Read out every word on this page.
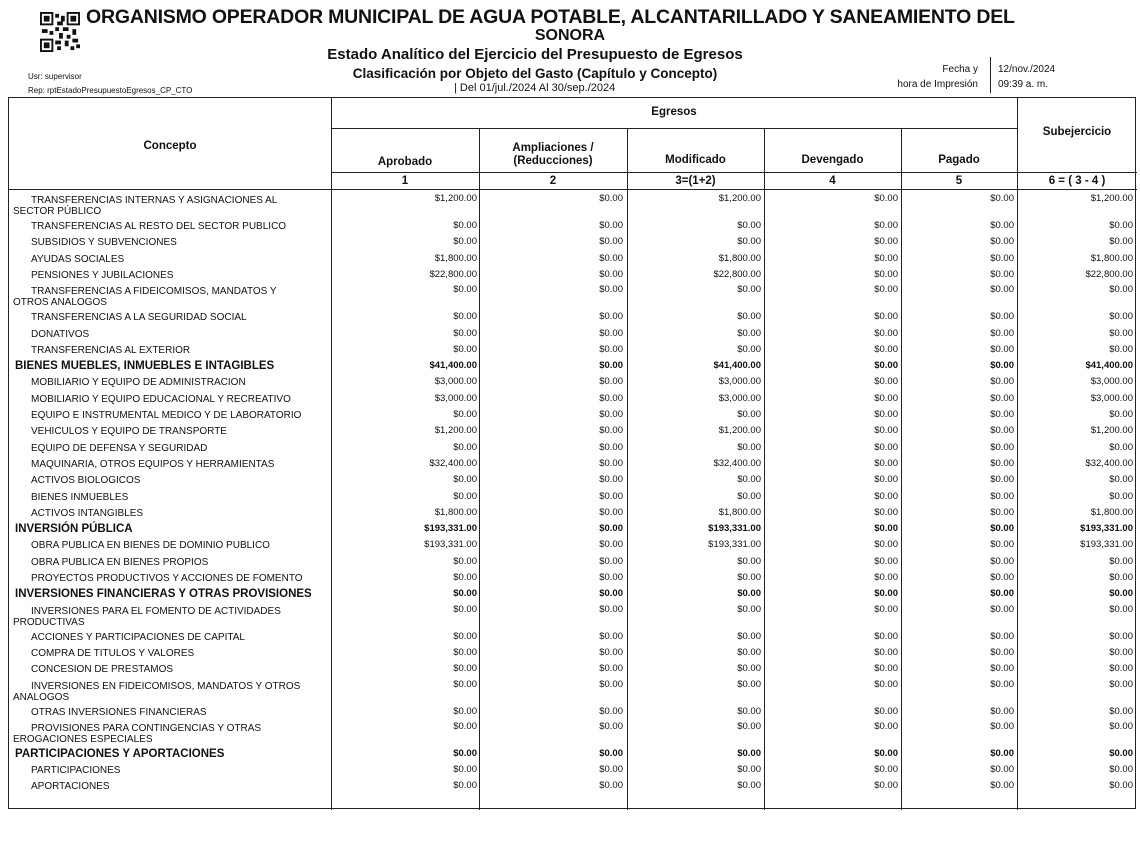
ORGANISMO OPERADOR MUNICIPAL DE AGUA POTABLE, ALCANTARILLADO Y SANEAMIENTO DEL
SONORA
Estado Analítico del Ejercicio del Presupuesto de Egresos
Clasificación por Objeto del Gasto (Capítulo y Concepto)
| Del 01/jul./2024 Al 30/sep./2024
Usr: supervisor
Rep: rptEstadoPresupuestoEgresos_CP_CTO
Fecha y
hora de Impresión
12/nov./2024
09:39 a. m.
Concepto
Egresos
Subejercicio
Aprobado
Ampliaciones / (Reducciones)	Modificado	Devengado	Pagado
1	2	3=(1+2)	4	5	6 = ( 3 - 4 )
TRANSFERENCIAS INTERNAS Y ASIGNACIONES AL
SECTOR PÚBLICO
$1,200.00	$0.00	$1,200.00	$0.00	$0.00	$1,200.00
TRANSFERENCIAS AL RESTO DEL SECTOR PUBLICO	$0.00	$0.00	$0.00	$0.00	$0.00	$0.00
SUBSIDIOS Y SUBVENCIONES	$0.00	$0.00	$0.00	$0.00	$0.00	$0.00
AYUDAS SOCIALES	$1,800.00	$0.00	$1,800.00	$0.00	$0.00	$1,800.00
PENSIONES Y JUBILACIONES	$22,800.00	$0.00	$22,800.00	$0.00	$0.00	$22,800.00
TRANSFERENCIAS A FIDEICOMISOS, MANDATOS Y
OTROS ANALOGOS
$0.00	$0.00	$0.00	$0.00	$0.00	$0.00
TRANSFERENCIAS A LA SEGURIDAD SOCIAL	$0.00	$0.00	$0.00	$0.00	$0.00	$0.00
DONATIVOS	$0.00	$0.00	$0.00	$0.00	$0.00	$0.00
TRANSFERENCIAS AL EXTERIOR	$0.00	$0.00	$0.00	$0.00	$0.00	$0.00
BIENES MUEBLES, INMUEBLES E INTAGIBLES	$41,400.00	$0.00	$41,400.00	$0.00	$0.00	$41,400.00
MOBILIARIO Y EQUIPO DE ADMINISTRACION	$3,000.00	$0.00	$3,000.00	$0.00	$0.00	$3,000.00
MOBILIARIO Y EQUIPO EDUCACIONAL Y RECREATIVO	$3,000.00	$0.00	$3,000.00	$0.00	$0.00	$3,000.00
EQUIPO E INSTRUMENTAL MEDICO Y DE LABORATORIO	$0.00	$0.00	$0.00	$0.00	$0.00	$0.00
VEHICULOS Y EQUIPO DE TRANSPORTE	$1,200.00	$0.00	$1,200.00	$0.00	$0.00	$1,200.00
EQUIPO DE DEFENSA Y SEGURIDAD	$0.00	$0.00	$0.00	$0.00	$0.00	$0.00
MAQUINARIA, OTROS EQUIPOS Y HERRAMIENTAS	$32,400.00	$0.00	$32,400.00	$0.00	$0.00	$32,400.00
ACTIVOS BIOLOGICOS	$0.00	$0.00	$0.00	$0.00	$0.00	$0.00
BIENES INMUEBLES	$0.00	$0.00	$0.00	$0.00	$0.00	$0.00
ACTIVOS INTANGIBLES	$1,800.00	$0.00	$1,800.00	$0.00	$0.00	$1,800.00
INVERSIÓN PÚBLICA	$193,331.00	$0.00	$193,331.00	$0.00	$0.00	$193,331.00
OBRA PUBLICA EN BIENES DE DOMINIO PUBLICO	$193,331.00	$0.00	$193,331.00	$0.00	$0.00	$193,331.00
OBRA PUBLICA EN BIENES PROPIOS	$0.00	$0.00	$0.00	$0.00	$0.00	$0.00
PROYECTOS PRODUCTIVOS Y ACCIONES DE FOMENTO	$0.00	$0.00	$0.00	$0.00	$0.00	$0.00
INVERSIONES FINANCIERAS Y OTRAS PROVISIONES	$0.00	$0.00	$0.00	$0.00	$0.00	$0.00
INVERSIONES PARA EL FOMENTO DE ACTIVIDADES
PRODUCTIVAS
$0.00	$0.00	$0.00	$0.00	$0.00	$0.00
ACCIONES Y PARTICIPACIONES DE CAPITAL	$0.00	$0.00	$0.00	$0.00	$0.00	$0.00
COMPRA DE TITULOS Y VALORES	$0.00	$0.00	$0.00	$0.00	$0.00	$0.00
CONCESION DE PRESTAMOS	$0.00	$0.00	$0.00	$0.00	$0.00	$0.00
INVERSIONES EN FIDEICOMISOS, MANDATOS Y OTROS
ANALOGOS
$0.00	$0.00	$0.00	$0.00	$0.00	$0.00
OTRAS INVERSIONES FINANCIERAS	$0.00	$0.00	$0.00	$0.00	$0.00	$0.00
PROVISIONES PARA CONTINGENCIAS Y OTRAS
EROGACIONES ESPECIALES
$0.00	$0.00	$0.00	$0.00	$0.00	$0.00
PARTICIPACIONES Y APORTACIONES	$0.00	$0.00	$0.00	$0.00	$0.00	$0.00
PARTICIPACIONES	$0.00	$0.00	$0.00	$0.00	$0.00	$0.00
APORTACIONES	$0.00	$0.00	$0.00	$0.00	$0.00	$0.00
